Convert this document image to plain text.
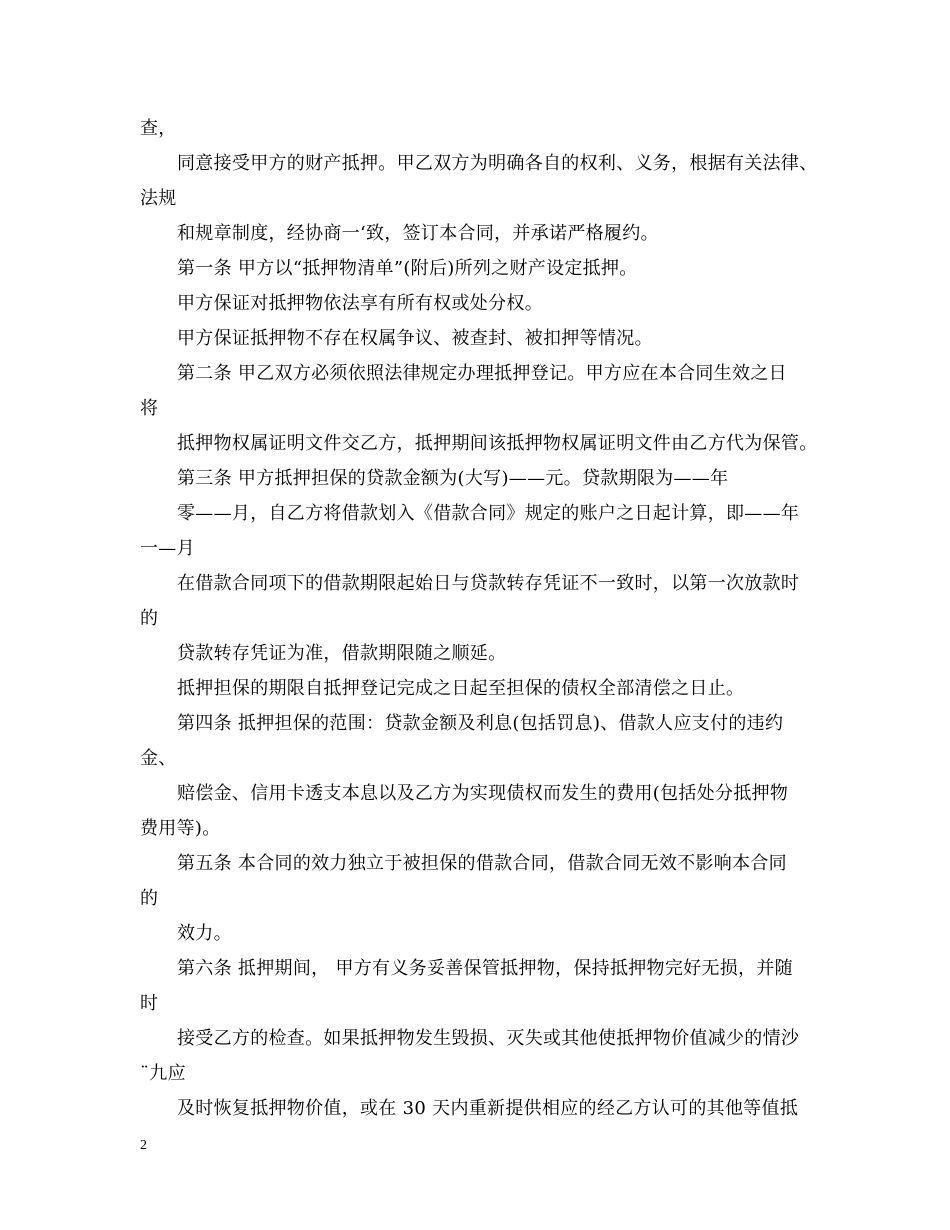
查，
同意接受甲方的财产抵押。甲乙双方为明确各自的权利、义务，根据有关法律、
法规
和规章制度，经协商一‘致，签订本合同，并承诺严格履约。
第一条 甲方以“抵押物清单”(附后)所列之财产设定抵押。
甲方保证对抵押物依法享有所有权或处分权。
甲方保证抵押物不存在权属争议、被查封、被扣押等情况。
第二条 甲乙双方必须依照法律规定办理抵押登记。甲方应在本合同生效之日
将
抵押物权属证明文件交乙方，抵押期间该抵押物权属证明文件由乙方代为保管。
第三条 甲方抵押担保的贷款金额为(大写)——元。贷款期限为——年
零——月，自乙方将借款划入《借款合同》规定的账户之日起计算，即——年
一—月
在借款合同项下的借款期限起始日与贷款转存凭证不一致时，以第一次放款时
的
贷款转存凭证为准，借款期限随之顺延。
抵押担保的期限自抵押登记完成之日起至担保的债权全部清偿之日止。
第四条 抵押担保的范围：贷款金额及利息(包括罚息)、借款人应支付的违约
金、
赔偿金、信用卡透支本息以及乙方为实现债权而发生的费用(包括处分抵押物
费用等)。
第五条 本合同的效力独立于被担保的借款合同，借款合同无效不影响本合同
的
效力。
第六条 抵押期间， 甲方有义务妥善保管抵押物，保持抵押物完好无损，并随
时
接受乙方的检查。如果抵押物发生毁损、灭失或其他使抵押物价值减少的情沙
¨九应
及时恢复抵押物价值，或在 30 天内重新提供相应的经乙方认可的其他等值抵
2
